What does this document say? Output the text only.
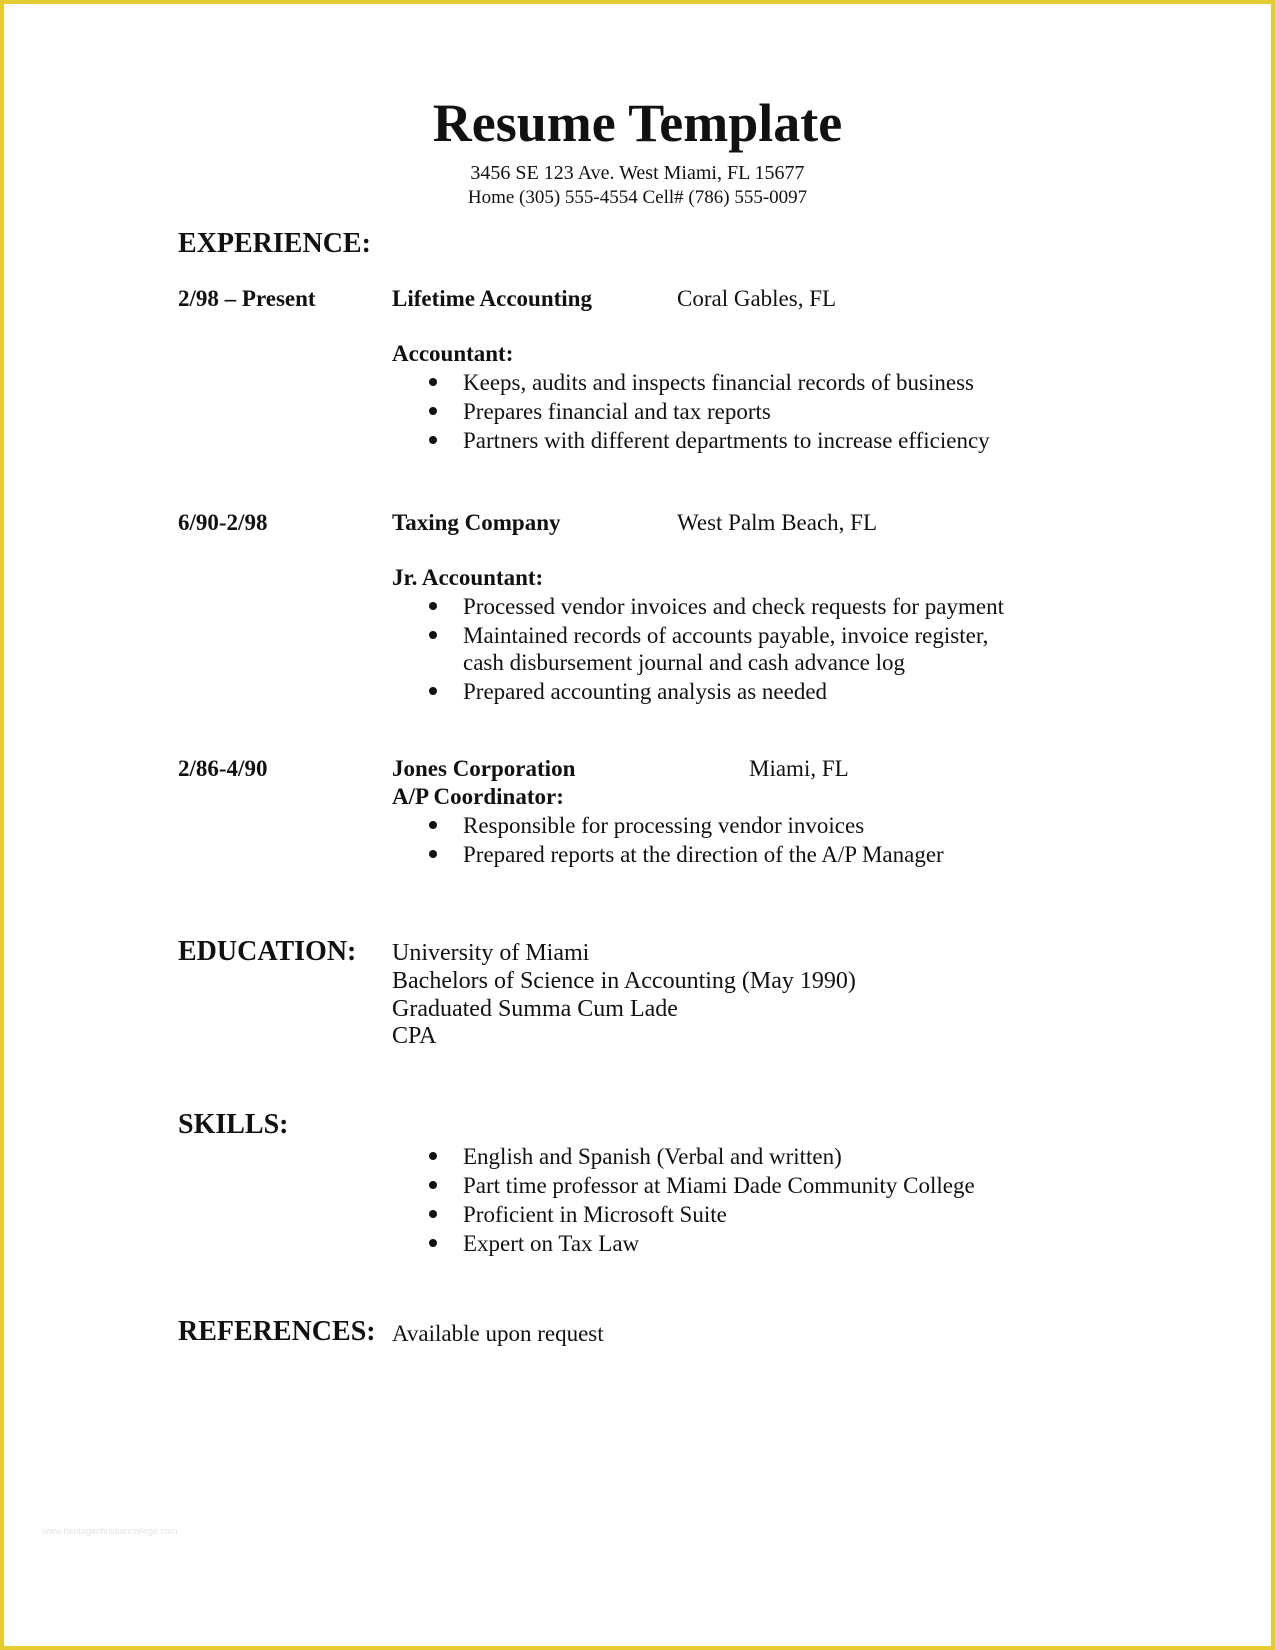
Resume Template
3456 SE 123 Ave. West Miami, FL 15677
Home (305) 555-4554 Cell# (786) 555-0097
EXPERIENCE:
2/98 – Present	Lifetime Accounting	Coral Gables, FL
Accountant:
Keeps, audits and inspects financial records of business
Prepares financial and tax reports
Partners with different departments to increase efficiency
6/90-2/98	Taxing Company	West Palm Beach, FL
Jr. Accountant:
Processed vendor invoices and check requests for payment
Maintained records of accounts payable, invoice register,
cash disbursement journal and cash advance log
Prepared accounting analysis as needed
2/86-4/90	Jones Corporation	Miami, FL
A/P Coordinator:
Responsible for processing vendor invoices
Prepared reports at the direction of the A/P Manager
EDUCATION: University of Miami
Bachelors of Science in Accounting (May 1990)
Graduated Summa Cum Lade
CPA
SKILLS:
English and Spanish (Verbal and written)
Part time professor at Miami Dade Community College
Proficient in Microsoft Suite
Expert on Tax Law
REFERENCES: Available upon request
www.heritagechristiancollege.com
